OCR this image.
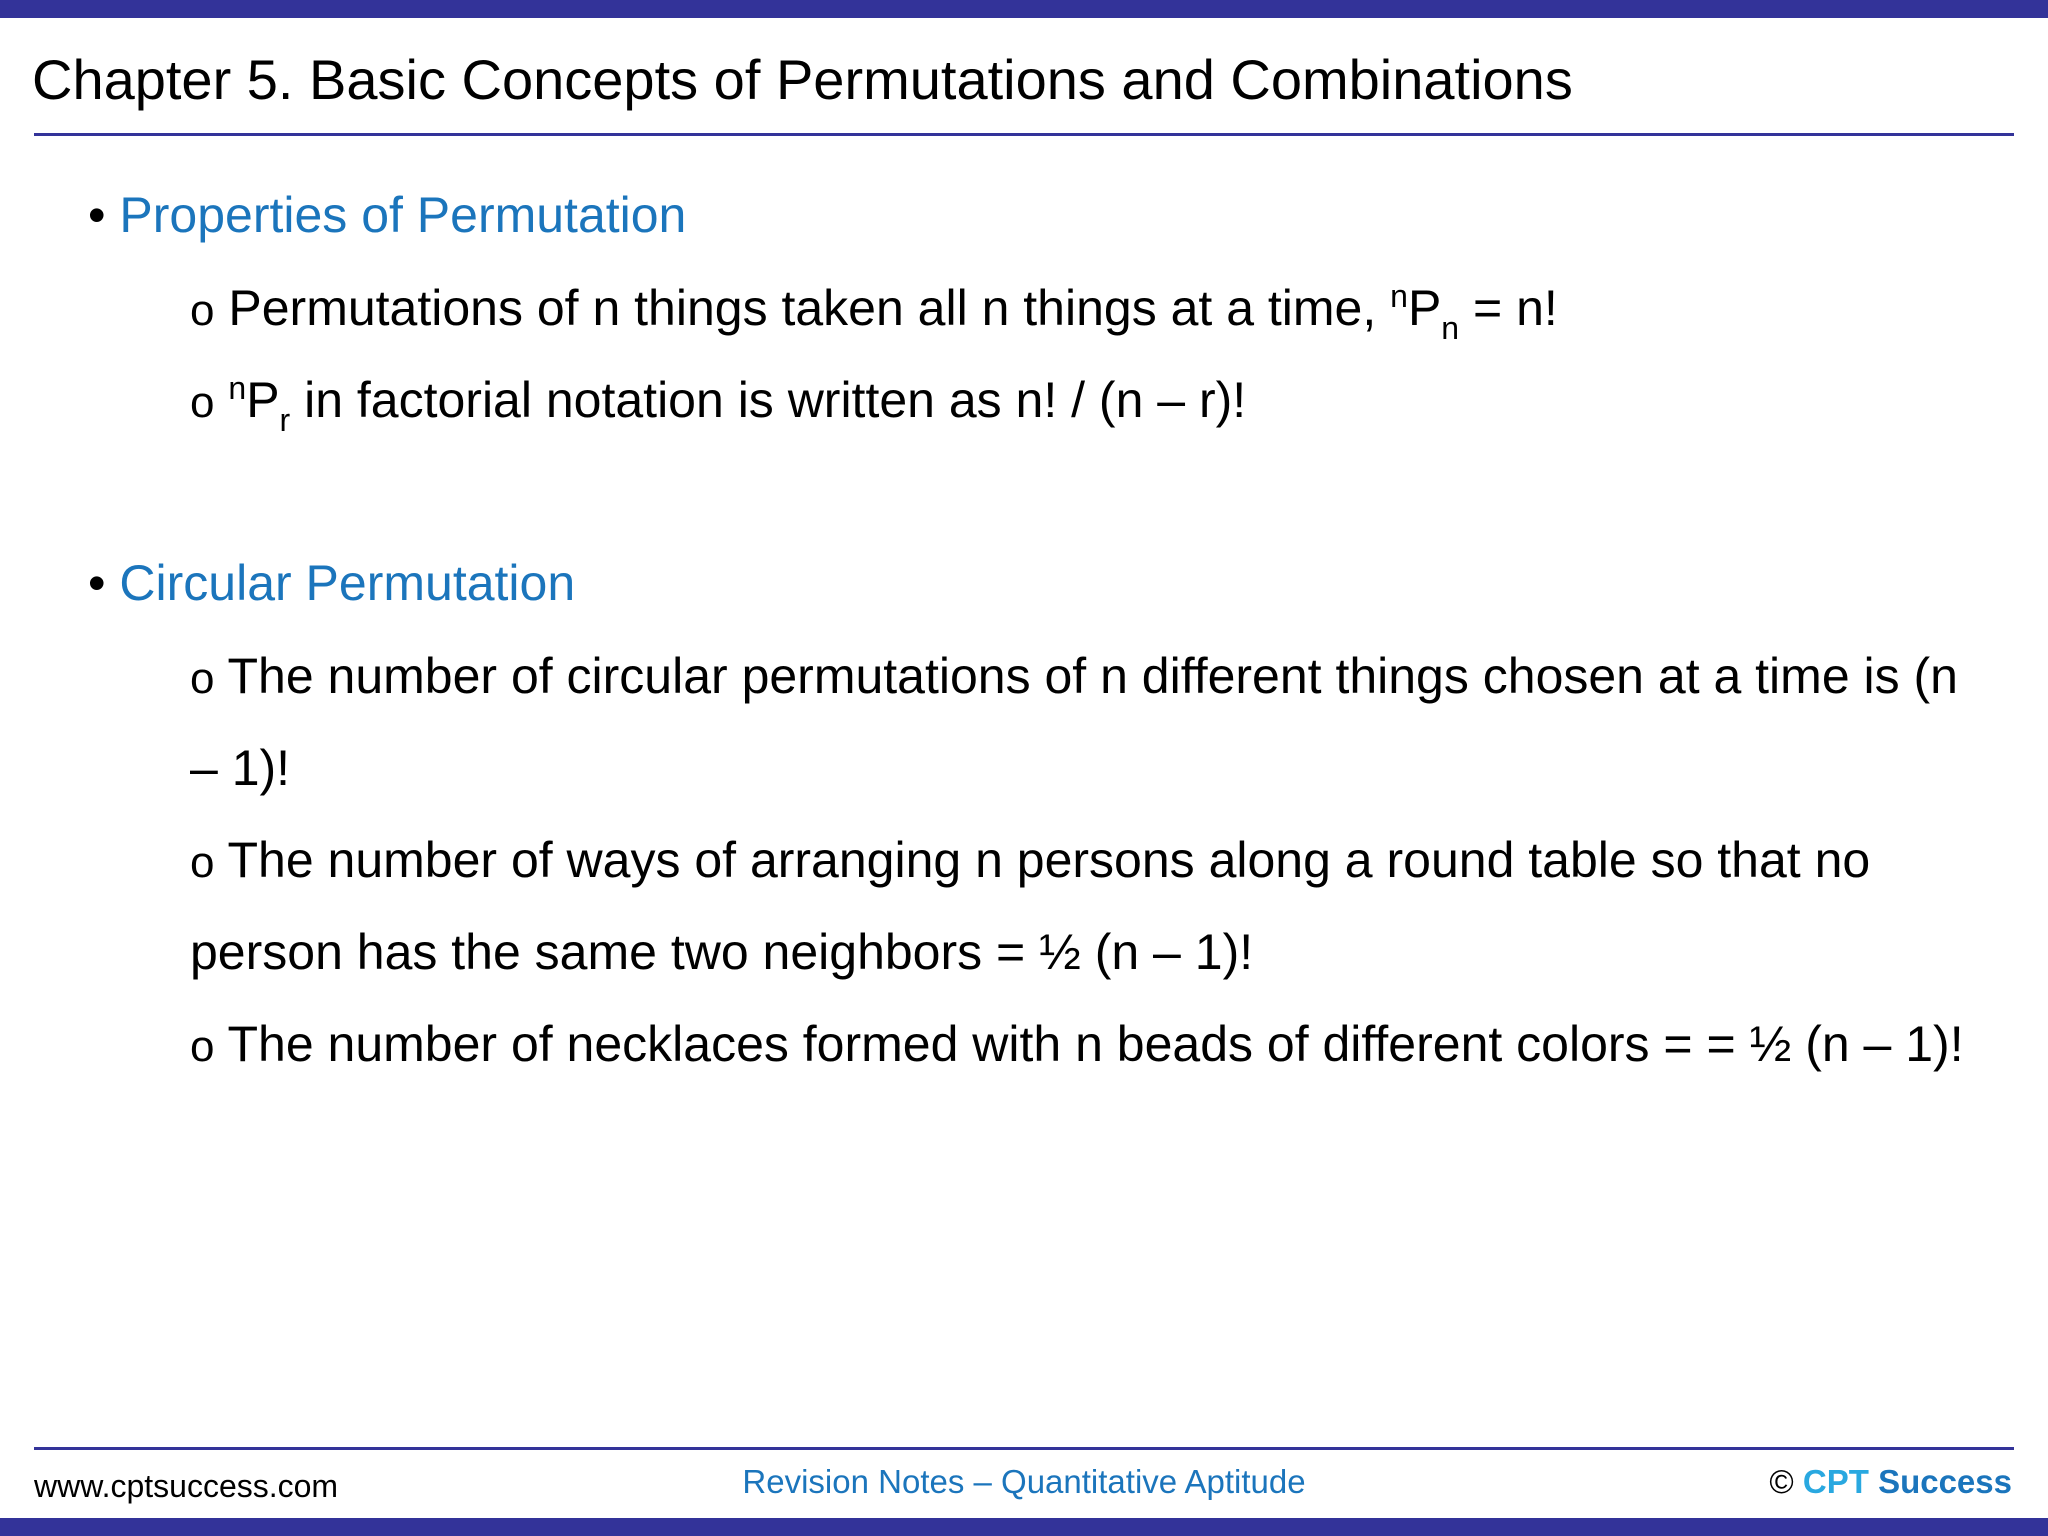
Chapter 5. Basic Concepts of Permutations and Combinations
• Properties of Permutation
o Permutations of n things taken all n things at a time, $^nP_n = n$!
o $^nP_r$ in factorial notation is written as n! / (n – r)!
• Circular Permutation
o The number of circular permutations of n different things chosen at a time is (n
– 1)!
o The number of ways of arranging n persons along a round table so that no
person has the same two neighbors = ½ (n – 1)!
o The number of necklaces formed with n beads of different colors = = ½ (n – 1)!
www.cptsuccess.com	Revision Notes – Quantitative Aptitude	© CPT Success
